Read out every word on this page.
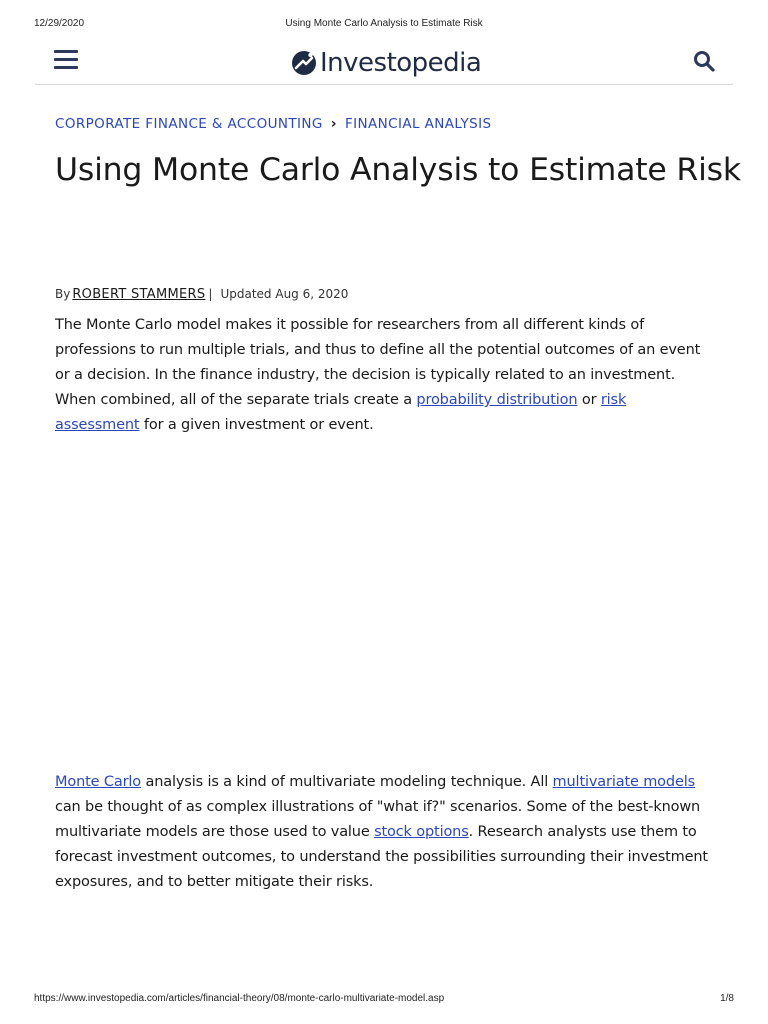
12/29/2020	Using Monte Carlo Analysis to Estimate Risk
Investopedia
CORPORATE FINANCE & ACCOUNTING › FINANCIAL ANALYSIS
Using Monte Carlo Analysis to Estimate Risk
By ROBERT STAMMERS | Updated Aug 6, 2020

The Monte Carlo model makes it possible for researchers from all different kinds of professions to run multiple trials, and thus to define all the potential outcomes of an event or a decision. In the finance industry, the decision is typically related to an investment. When combined, all of the separate trials create a probability distribution or risk assessment for a given investment or event.

Monte Carlo analysis is a kind of multivariate modeling technique. All multivariate models can be thought of as complex illustrations of "what if?" scenarios. Some of the best-known multivariate models are those used to value stock options. Research analysts use them to forecast investment outcomes, to understand the possibilities surrounding their investment exposures, and to better mitigate their risks.

https://www.investopedia.com/articles/financial-theory/08/monte-carlo-multivariate-model.asp	1/8
